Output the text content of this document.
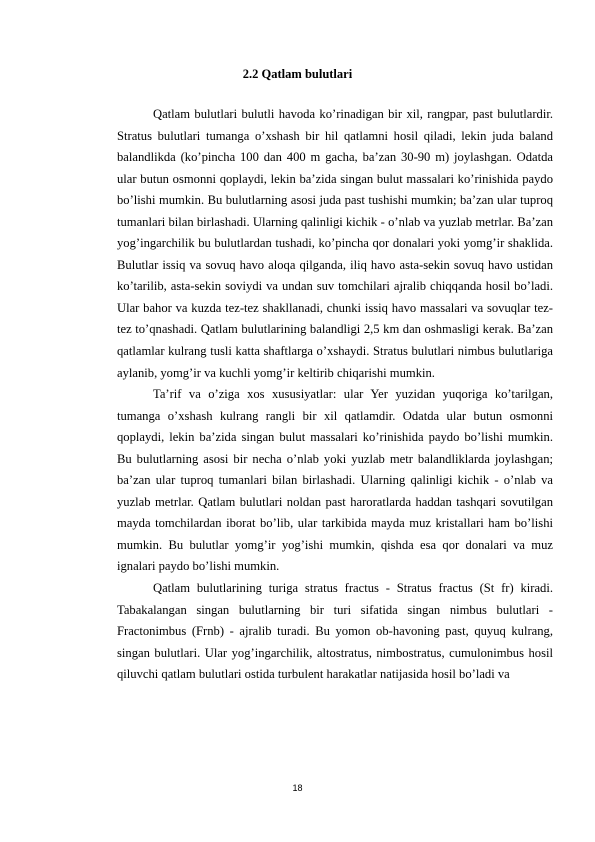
2.2 Qatlam bulutlari

Qatlam bulutlari bulutli havoda ko’rinadigan bir xil, rangpar, past bulutlardir. Stratus bulutlari tumanga o’xshash bir hil qatlamni hosil qiladi, lekin juda baland balandlikda (ko’pincha 100 dan 400 m gacha, ba’zan 30-90 m) joylashgan. Odatda ular butun osmonni qoplaydi, lekin ba’zida singan bulut massalari ko’rinishida paydo bo’lishi mumkin. Bu bulutlarning asosi juda past tushishi mumkin; ba’zan ular tuproq tumanlari bilan birlashadi. Ularning qalinligi kichik - o’nlab va yuzlab metrlar. Ba’zan yog’ingarchilik bu bulutlardan tushadi, ko’pincha qor donalari yoki yomg’ir shaklida. Bulutlar issiq va sovuq havo aloqa qilganda, iliq havo asta-sekin sovuq havo ustidan ko’tarilib, asta-sekin soviydi va undan suv tomchilari ajralib chiqqanda hosil bo’ladi. Ular bahor va kuzda tez-tez shakllanadi, chunki issiq havo massalari va sovuqlar tez-tez to’qnashadi. Qatlam bulutlarining balandligi 2,5 km dan oshmasligi kerak. Ba’zan qatlamlar kulrang tusli katta shaftlarga o’xshaydi. Stratus bulutlari nimbus bulutlariga aylanib, yomg’ir va kuchli yomg’ir keltirib chiqarishi mumkin.

Ta’rif va o’ziga xos xususiyatlar: ular Yer yuzidan yuqoriga ko’tarilgan, tumanga o’xshash kulrang rangli bir xil qatlamdir. Odatda ular butun osmonni qoplaydi, lekin ba’zida singan bulut massalari ko’rinishida paydo bo’lishi mumkin. Bu bulutlarning asosi bir necha o’nlab yoki yuzlab metr balandliklarda joylashgan; ba’zan ular tuproq tumanlari bilan birlashadi. Ularning qalinligi kichik - o’nlab va yuzlab metrlar. Qatlam bulutlari noldan past haroratlarda haddan tashqari sovutilgan mayda tomchilardan iborat bo’lib, ular tarkibida mayda muz kristallari ham bo’lishi mumkin. Bu bulutlar yomg’ir yog’ishi mumkin, qishda esa qor donalari va muz ignalari paydo bo’lishi mumkin.

Qatlam bulutlarining turiga stratus fractus - Stratus fractus (St fr) kiradi. Tabakalangan singan bulutlarning bir turi sifatida singan nimbus bulutlari - Fractonimbus (Frnb) - ajralib turadi. Bu yomon ob-havoning past, quyuq kulrang, singan bulutlari. Ular yog’ingarchilik, altostratus, nimbostratus, cumulonimbus hosil qiluvchi qatlam bulutlari ostida turbulent harakatlar natijasida hosil bo’ladi va

18
